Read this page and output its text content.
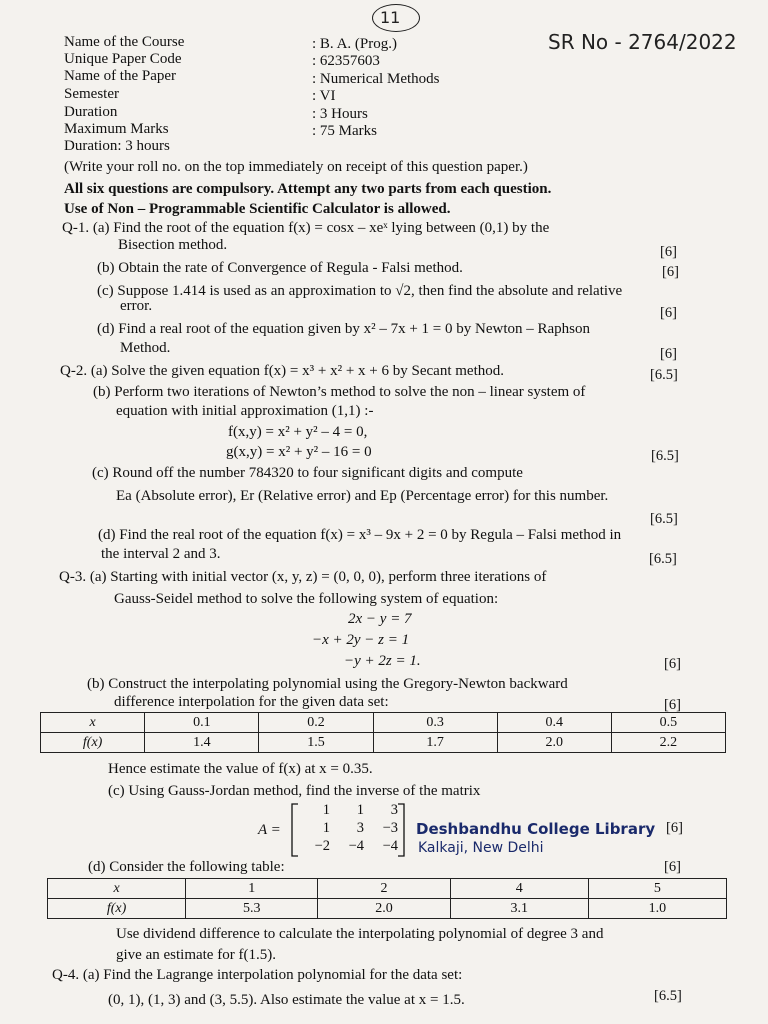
11
SR No - 2764/2022
Name of the Course	: B. A. (Prog.)
Unique Paper Code	: 62357603
Name of the Paper	: Numerical Methods
Semester	: VI
Duration	: 3 Hours
Maximum Marks	: 75 Marks
Duration: 3 hours
(Write your roll no. on the top immediately on receipt of this question paper.)
All six questions are compulsory. Attempt any two parts from each question.
Use of Non – Programmable Scientific Calculator is allowed.
Q-1. (a) Find the root of the equation f(x) = cosx – xeˣ lying between (0,1) by the
Bisection method.	[6]
(b) Obtain the rate of Convergence of Regula - Falsi method.	[6]
(c) Suppose 1.414 is used as an approximation to √2, then find the absolute and relative
error.	[6]
(d) Find a real root of the equation given by x² – 7x + 1 = 0 by Newton – Raphson
Method.	[6]
Q-2. (a) Solve the given equation f(x) = x³ + x² + x + 6 by Secant method.	[6.5]
(b) Perform two iterations of Newton’s method to solve the non – linear system of
equation with initial approximation (1,1) :-
f(x,y) = x² + y² – 4 = 0,
g(x,y) = x² + y² – 16 = 0	[6.5]
(c) Round off the number 784320 to four significant digits and compute
Ea (Absolute error), Er (Relative error) and Ep (Percentage error) for this number.
[6.5]
(d) Find the real root of the equation f(x) = x³ – 9x + 2 = 0 by Regula – Falsi method in
the interval 2 and 3.	[6.5]
Q-3. (a) Starting with initial vector (x, y, z) = (0, 0, 0), perform three iterations of
Gauss-Seidel method to solve the following system of equation:
2x − y = 7
−x + 2y − z = 1
−y + 2z = 1.	[6]
(b) Construct the interpolating polynomial using the Gregory-Newton backward
difference interpolation for the given data set:	[6]
x	0.1	0.2	0.3	0.4	0.5
f(x)	1.4	1.5	1.7	2.0	2.2
Hence estimate the value of f(x) at x = 0.35.
(c) Using Gauss-Jordan method, find the inverse of the matrix
A =
1	1	3
1	3	−3
−2	−4	−4
Deshbandhu College Library
Kalkaji, New Delhi
[6]
(d) Consider the following table:	[6]
x	1	2	4	5
f(x)	5.3	2.0	3.1	1.0
Use dividend difference to calculate the interpolating polynomial of degree 3 and
give an estimate for f(1.5).
Q-4. (a) Find the Lagrange interpolation polynomial for the data set:
(0, 1), (1, 3) and (3, 5.5). Also estimate the value at x = 1.5.	[6.5]
